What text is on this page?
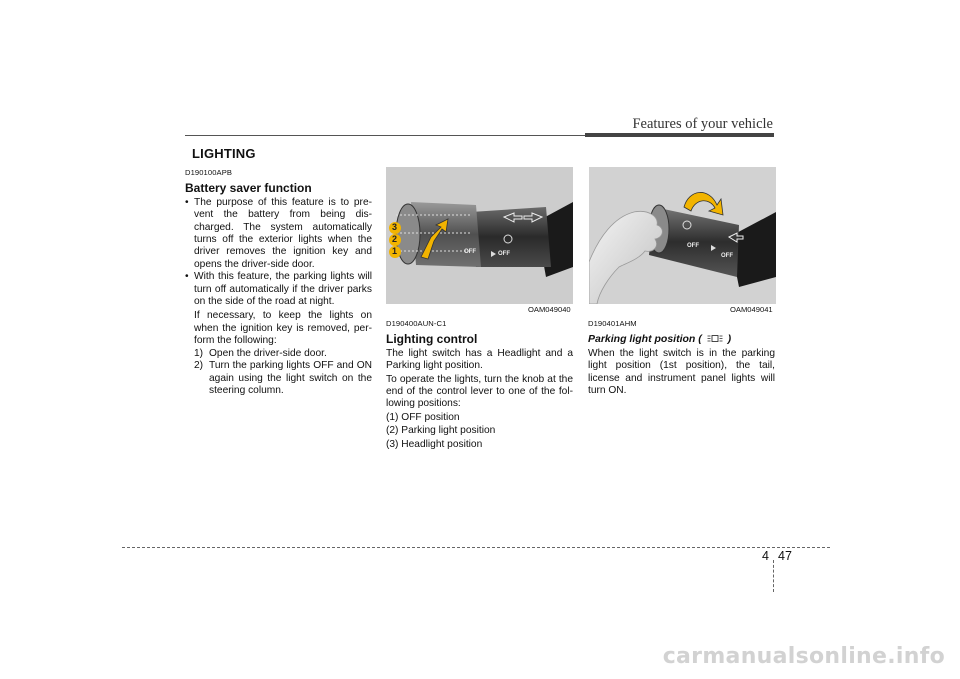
Features of your vehicle
LIGHTING
D190100APB
Battery saver function
• The purpose of this feature is to pre-vent the battery from being dis-charged. The system automatically turns off the exterior lights when the driver removes the ignition key and opens the driver-side door.
• With this feature, the parking lights will turn off automatically if the driver parks on the side of the road at night.
If necessary, to keep the lights on when the ignition key is removed, per-form the following:
1) Open the driver-side door.
2) Turn the parking lights OFF and ON again using the light switch on the steering column.
3
2
1	OFF	OFF
OAM049040
OFF
OFF
OAM049041
D190400AUN-C1
Lighting control
The light switch has a Headlight and a Parking light position.
To operate the lights, turn the knob at the end of the control lever to one of the fol-lowing positions:
(1) OFF position
(2) Parking light position
(3) Headlight position
D190401AHM
Parking light position ( )
When the light switch is in the parking light position (1st position), the tail, license and instrument panel lights will turn ON.
4 47
carmanualsonline.info
